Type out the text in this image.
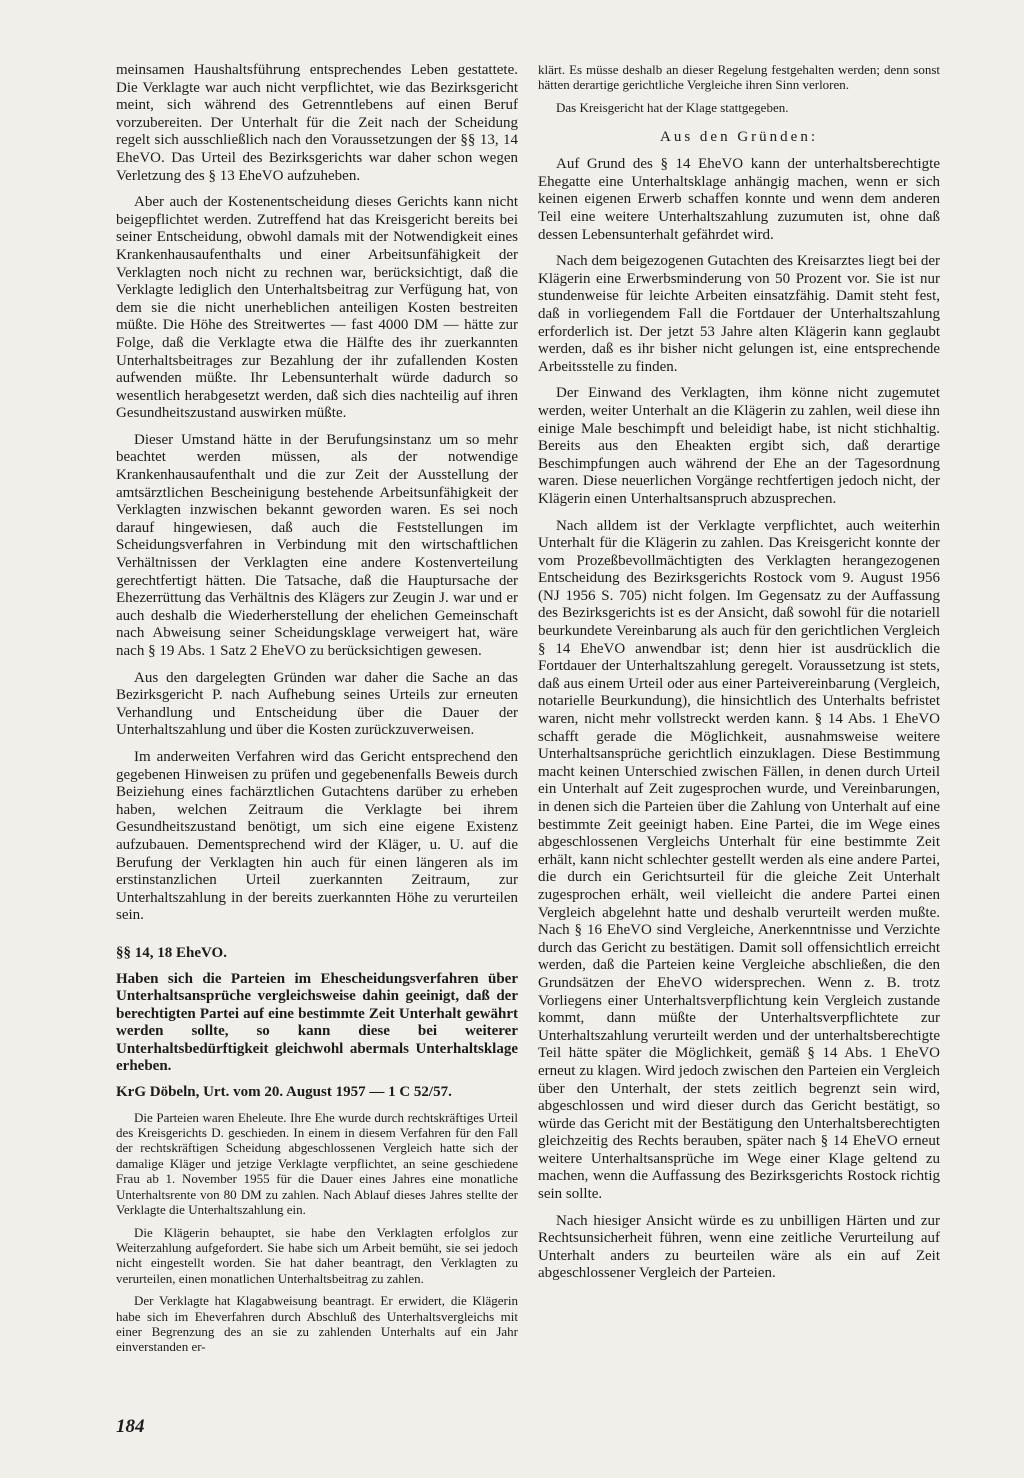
meinsamen Haushaltsführung entsprechendes Leben gestattete. Die Verklagte war auch nicht verpflichtet, wie das Bezirksgericht meint, sich während des Getrenntlebens auf einen Beruf vorzubereiten. Der Unterhalt für die Zeit nach der Scheidung regelt sich ausschließlich nach den Voraussetzungen der §§ 13, 14 EheVO. Das Urteil des Bezirksgerichts war daher schon wegen Verletzung des § 13 EheVO aufzuheben.

Aber auch der Kostenentscheidung dieses Gerichts kann nicht beigepflichtet werden. Zutreffend hat das Kreisgericht bereits bei seiner Entscheidung, obwohl damals mit der Notwendigkeit eines Krankenhausaufenthalts und einer Arbeitsunfähigkeit der Verklagten noch nicht zu rechnen war, berücksichtigt, daß die Verklagte lediglich den Unterhaltsbeitrag zur Verfügung hat, von dem sie die nicht unerheblichen anteiligen Kosten bestreiten müßte. Die Höhe des Streitwertes — fast 4000 DM — hätte zur Folge, daß die Verklagte etwa die Hälfte des ihr zuerkannten Unterhaltsbeitrages zur Bezahlung der ihr zufallenden Kosten aufwenden müßte. Ihr Lebensunterhalt würde dadurch so wesentlich herabgesetzt werden, daß sich dies nachteilig auf ihren Gesundheitszustand auswirken müßte.

Dieser Umstand hätte in der Berufungsinstanz um so mehr beachtet werden müssen, als der notwendige Krankenhausaufenthalt und die zur Zeit der Ausstellung der amtsärztlichen Bescheinigung bestehende Arbeitsunfähigkeit der Verklagten inzwischen bekannt geworden waren. Es sei noch darauf hingewiesen, daß auch die Feststellungen im Scheidungsverfahren in Verbindung mit den wirtschaftlichen Verhältnissen der Verklagten eine andere Kostenverteilung gerechtfertigt hätten. Die Tatsache, daß die Hauptursache der Ehezerrüttung das Verhältnis des Klägers zur Zeugin J. war und er auch deshalb die Wiederherstellung der ehelichen Gemeinschaft nach Abweisung seiner Scheidungsklage verweigert hat, wäre nach § 19 Abs. 1 Satz 2 EheVO zu berücksichtigen gewesen.

Aus den dargelegten Gründen war daher die Sache an das Bezirksgericht P. nach Aufhebung seines Urteils zur erneuten Verhandlung und Entscheidung über die Dauer der Unterhaltszahlung und über die Kosten zurückzuverweisen.

Im anderweiten Verfahren wird das Gericht entsprechend den gegebenen Hinweisen zu prüfen und gegebenenfalls Beweis durch Beiziehung eines fachärztlichen Gutachtens darüber zu erheben haben, welchen Zeitraum die Verklagte bei ihrem Gesundheitszustand benötigt, um sich eine eigene Existenz aufzubauen. Dementsprechend wird der Kläger, u. U. auf die Berufung der Verklagten hin auch für einen längeren als im erstinstanzlichen Urteil zuerkannten Zeitraum, zur Unterhaltszahlung in der bereits zuerkannten Höhe zu verurteilen sein.

§§ 14, 18 EheVO.
Haben sich die Parteien im Ehescheidungsverfahren über Unterhaltsansprüche vergleichsweise dahin geeinigt, daß der berechtigten Partei auf eine bestimmte Zeit Unterhalt gewährt werden sollte, so kann diese bei weiterer Unterhaltsbedürftigkeit gleichwohl abermals Unterhaltsklage erheben.
KrG Döbeln, Urt. vom 20. August 1957 — 1 C 52/57.

Die Parteien waren Eheleute. Ihre Ehe wurde durch rechtskräftiges Urteil des Kreisgerichts D. geschieden. In einem in diesem Verfahren für den Fall der rechtskräftigen Scheidung abgeschlossenen Vergleich hatte sich der damalige Kläger und jetzige Verklagte verpflichtet, an seine geschiedene Frau ab 1. November 1955 für die Dauer eines Jahres eine monatliche Unterhaltsrente von 80 DM zu zahlen. Nach Ablauf dieses Jahres stellte der Verklagte die Unterhaltszahlung ein.

Die Klägerin behauptet, sie habe den Verklagten erfolglos zur Weiterzahlung aufgefordert. Sie habe sich um Arbeit bemüht, sie sei jedoch nicht eingestellt worden. Sie hat daher beantragt, den Verklagten zu verurteilen, einen monatlichen Unterhaltsbeitrag zu zahlen.

Der Verklagte hat Klagabweisung beantragt. Er erwidert, die Klägerin habe sich im Eheverfahren durch Abschluß des Unterhaltsvergleichs mit einer Begrenzung des an sie zu zahlenden Unterhalts auf ein Jahr einverstanden er-

klärt. Es müsse deshalb an dieser Regelung festgehalten werden; denn sonst hätten derartige gerichtliche Vergleiche ihren Sinn verloren.

Das Kreisgericht hat der Klage stattgegeben.

Aus den Gründen:

Auf Grund des § 14 EheVO kann der unterhaltsberechtigte Ehegatte eine Unterhaltsklage anhängig machen, wenn er sich keinen eigenen Erwerb schaffen konnte und wenn dem anderen Teil eine weitere Unterhaltszahlung zuzumuten ist, ohne daß dessen Lebensunterhalt gefährdet wird.

Nach dem beigezogenen Gutachten des Kreisarztes liegt bei der Klägerin eine Erwerbsminderung von 50 Prozent vor. Sie ist nur stundenweise für leichte Arbeiten einsatzfähig. Damit steht fest, daß in vorliegendem Fall die Fortdauer der Unterhaltszahlung erforderlich ist. Der jetzt 53 Jahre alten Klägerin kann geglaubt werden, daß es ihr bisher nicht gelungen ist, eine entsprechende Arbeitsstelle zu finden.

Der Einwand des Verklagten, ihm könne nicht zugemutet werden, weiter Unterhalt an die Klägerin zu zahlen, weil diese ihn einige Male beschimpft und beleidigt habe, ist nicht stichhaltig. Bereits aus den Eheakten ergibt sich, daß derartige Beschimpfungen auch während der Ehe an der Tagesordnung waren. Diese neuerlichen Vorgänge rechtfertigen jedoch nicht, der Klägerin einen Unterhaltsanspruch abzusprechen.

Nach alldem ist der Verklagte verpflichtet, auch weiterhin Unterhalt für die Klägerin zu zahlen. Das Kreisgericht konnte der vom Prozeßbevollmächtigten des Verklagten herangezogenen Entscheidung des Bezirksgerichts Rostock vom 9. August 1956 (NJ 1956 S. 705) nicht folgen. Im Gegensatz zu der Auffassung des Bezirksgerichts ist es der Ansicht, daß sowohl für die notariell beurkundete Vereinbarung als auch für den gerichtlichen Vergleich § 14 EheVO anwendbar ist; denn hier ist ausdrücklich die Fortdauer der Unterhaltszahlung geregelt. Voraussetzung ist stets, daß aus einem Urteil oder aus einer Parteivereinbarung (Vergleich, notarielle Beurkundung), die hinsichtlich des Unterhalts befristet waren, nicht mehr vollstreckt werden kann. § 14 Abs. 1 EheVO schafft gerade die Möglichkeit, ausnahmsweise weitere Unterhaltsansprüche gerichtlich einzuklagen. Diese Bestimmung macht keinen Unterschied zwischen Fällen, in denen durch Urteil ein Unterhalt auf Zeit zugesprochen wurde, und Vereinbarungen, in denen sich die Parteien über die Zahlung von Unterhalt auf eine bestimmte Zeit geeinigt haben. Eine Partei, die im Wege eines abgeschlossenen Vergleichs Unterhalt für eine bestimmte Zeit erhält, kann nicht schlechter gestellt werden als eine andere Partei, die durch ein Gerichtsurteil für die gleiche Zeit Unterhalt zugesprochen erhält, weil vielleicht die andere Partei einen Vergleich abgelehnt hatte und deshalb verurteilt werden mußte. Nach § 16 EheVO sind Vergleiche, Anerkenntnisse und Verzichte durch das Gericht zu bestätigen. Damit soll offensichtlich erreicht werden, daß die Parteien keine Vergleiche abschließen, die den Grundsätzen der EheVO widersprechen. Wenn z. B. trotz Vorliegens einer Unterhaltsverpflichtung kein Vergleich zustande kommt, dann müßte der Unterhaltsverpflichtete zur Unterhaltszahlung verurteilt werden und der unterhaltsberechtigte Teil hätte später die Möglichkeit, gemäß § 14 Abs. 1 EheVO erneut zu klagen. Wird jedoch zwischen den Parteien ein Vergleich über den Unterhalt, der stets zeitlich begrenzt sein wird, abgeschlossen und wird dieser durch das Gericht bestätigt, so würde das Gericht mit der Bestätigung den Unterhaltsberechtigten gleichzeitig des Rechts berauben, später nach § 14 EheVO erneut weitere Unterhaltsansprüche im Wege einer Klage geltend zu machen, wenn die Auffassung des Bezirksgerichts Rostock richtig sein sollte.

Nach hiesiger Ansicht würde es zu unbilligen Härten und zur Rechtsunsicherheit führen, wenn eine zeitliche Verurteilung auf Unterhalt anders zu beurteilen wäre als ein auf Zeit abgeschlossener Vergleich der Parteien.

184
